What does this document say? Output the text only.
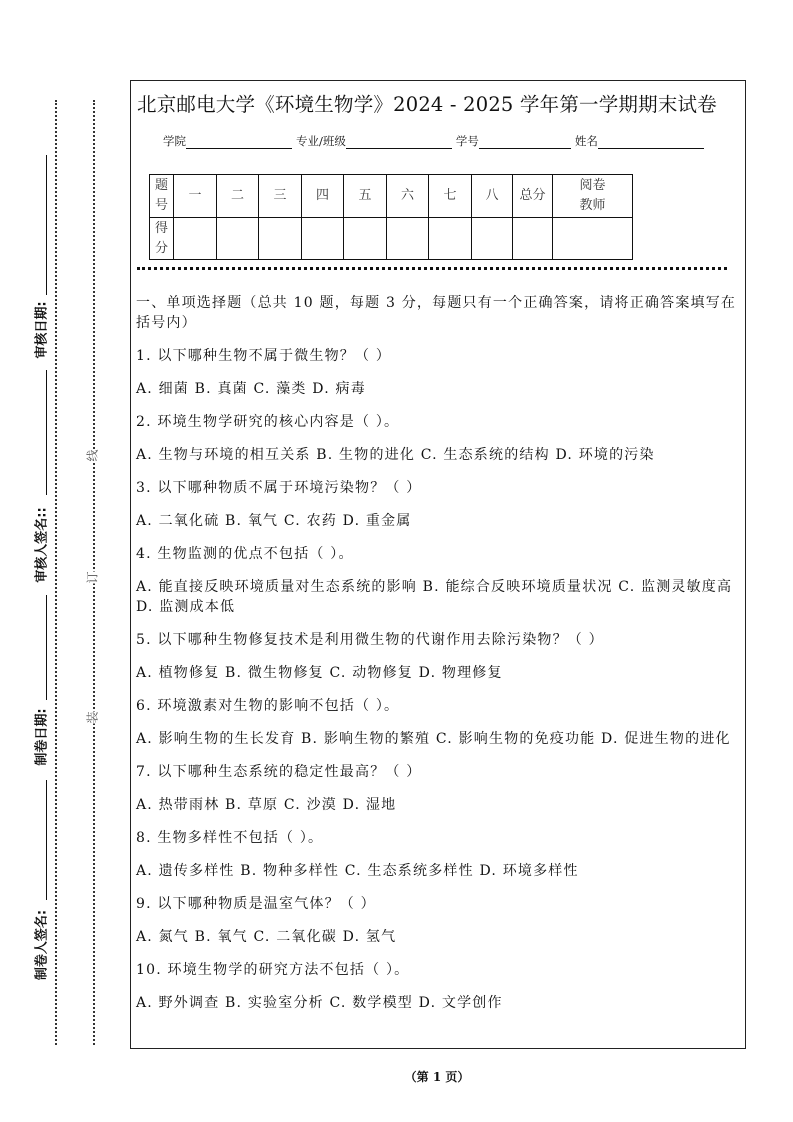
审核日期:
审核人签名::
制卷日期:
制卷人签名:
线
订
装
北京邮电大学《环境生物学》2024 - 2025 学年第一学期期末试卷
学院	专业/班级	学号	姓名
题号	一	二	三	四	五	六	七	八	总分	阅卷教师
得分										

一、单项选择题（总共 10 题，每题 3 分，每题只有一个正确答案，请将正确答案填写在括号内）

1. 以下哪种生物不属于微生物？（ ）

A. 细菌 B. 真菌 C. 藻类 D. 病毒

2. 环境生物学研究的核心内容是（ ）。

A. 生物与环境的相互关系 B. 生物的进化 C. 生态系统的结构 D. 环境的污染

3. 以下哪种物质不属于环境污染物？（ ）

A. 二氧化硫 B. 氧气 C. 农药 D. 重金属

4. 生物监测的优点不包括（ ）。

A. 能直接反映环境质量对生态系统的影响 B. 能综合反映环境质量状况 C. 监测灵敏度高 D. 监测成本低

5. 以下哪种生物修复技术是利用微生物的代谢作用去除污染物？（ ）

A. 植物修复 B. 微生物修复 C. 动物修复 D. 物理修复

6. 环境激素对生物的影响不包括（ ）。

A. 影响生物的生长发育 B. 影响生物的繁殖 C. 影响生物的免疫功能 D. 促进生物的进化

7. 以下哪种生态系统的稳定性最高？（ ）

A. 热带雨林 B. 草原 C. 沙漠 D. 湿地

8. 生物多样性不包括（ ）。

A. 遗传多样性 B. 物种多样性 C. 生态系统多样性 D. 环境多样性

9. 以下哪种物质是温室气体？（ ）

A. 氮气 B. 氧气 C. 二氧化碳 D. 氢气

10. 环境生物学的研究方法不包括（ ）。

A. 野外调查 B. 实验室分析 C. 数学模型 D. 文学创作

（第 1 页）
